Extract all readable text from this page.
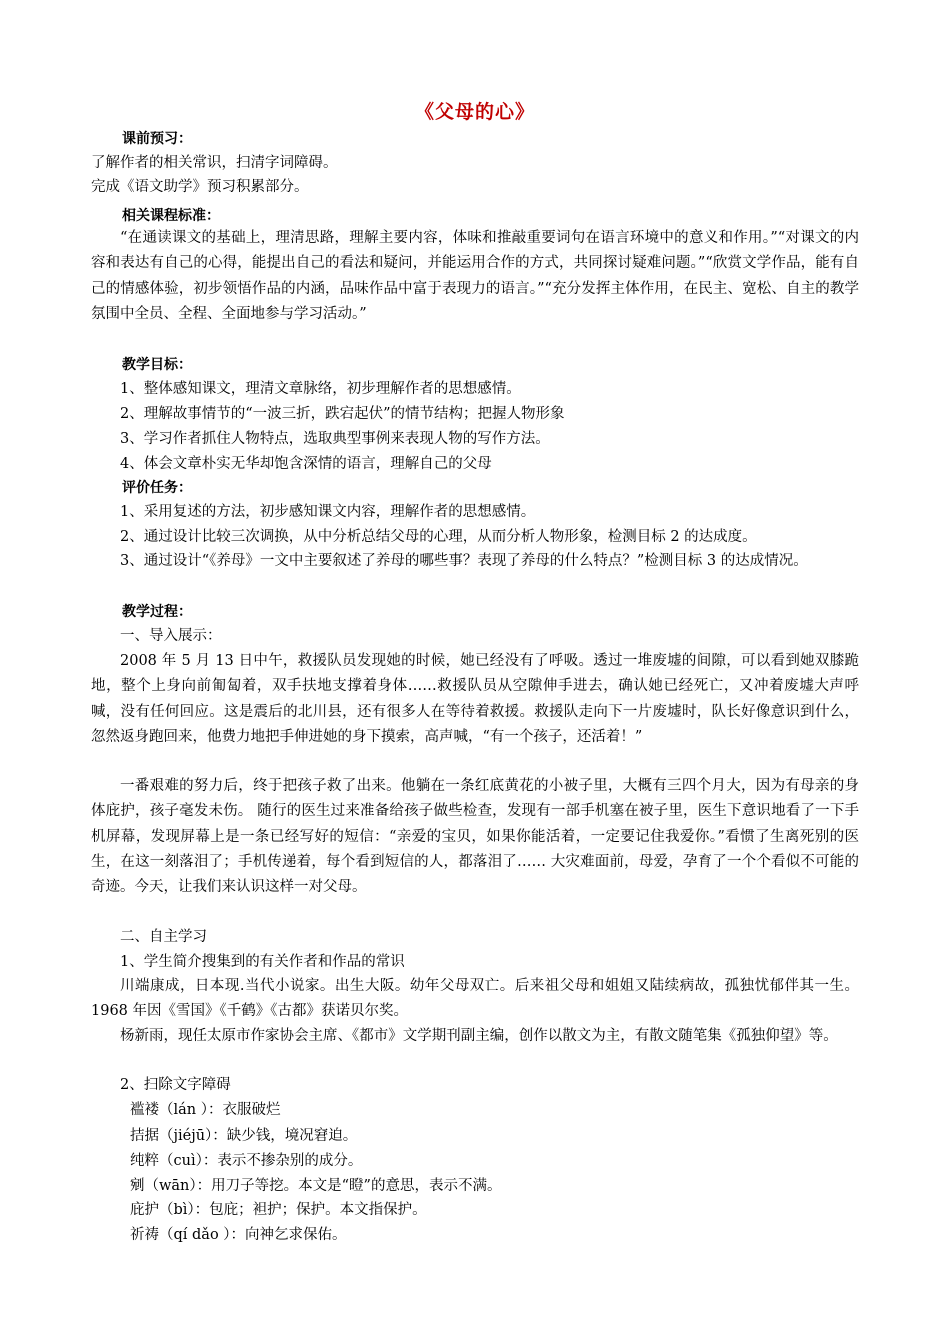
《父母的心》
课前预习：
了解作者的相关常识，扫清字词障碍。
完成《语文助学》预习积累部分。
相关课程标准：
“在通读课文的基础上，理清思路，理解主要内容，体味和推敲重要词句在语言环境中的意义和作用。”“对课文的内容和表达有自己的心得，能提出自己的看法和疑问，并能运用合作的方式，共同探讨疑难问题。”“欣赏文学作品，能有自己的情感体验，初步领悟作品的内涵，品味作品中富于表现力的语言。”“充分发挥主体作用，在民主、宽松、自主的教学氛围中全员、全程、全面地参与学习活动。”
教学目标：
1、整体感知课文，理清文章脉络，初步理解作者的思想感情。
2、理解故事情节的“一波三折，跌宕起伏”的情节结构；把握人物形象
3、学习作者抓住人物特点，选取典型事例来表现人物的写作方法。
4、体会文章朴实无华却饱含深情的语言，理解自己的父母
评价任务：
1、采用复述的方法，初步感知课文内容，理解作者的思想感情。
2、通过设计比较三次调换，从中分析总结父母的心理，从而分析人物形象，检测目标 2 的达成度。
3、通过设计“《养母》一文中主要叙述了养母的哪些事？表现了养母的什么特点？”检测目标 3 的达成情况。
教学过程：
一、导入展示：
2008 年 5 月 13 日中午，救援队员发现她的时候，她已经没有了呼吸。透过一堆废墟的间隙，可以看到她双膝跪地，整个上身向前匍匐着，双手扶地支撑着身体……救援队员从空隙伸手进去，确认她已经死亡，又冲着废墟大声呼喊，没有任何回应。这是震后的北川县，还有很多人在等待着救援。救援队走向下一片废墟时，队长好像意识到什么，忽然返身跑回来，他费力地把手伸进她的身下摸索，高声喊，“有一个孩子，还活着！”
一番艰难的努力后，终于把孩子救了出来。他躺在一条红底黄花的小被子里，大概有三四个月大，因为有母亲的身体庇护，孩子毫发未伤。 随行的医生过来准备给孩子做些检查，发现有一部手机塞在被子里，医生下意识地看了一下手机屏幕，发现屏幕上是一条已经写好的短信：“亲爱的宝贝，如果你能活着，一定要记住我爱你。”看惯了生离死别的医生，在这一刻落泪了；手机传递着，每个看到短信的人，都落泪了…… 大灾难面前，母爱，孕育了一个个看似不可能的奇迹。今天，让我们来认识这样一对父母。
二、自主学习
1、学生简介搜集到的有关作者和作品的常识
川端康成，日本现.当代小说家。出生大阪。幼年父母双亡。后来祖父母和姐姐又陆续病故，孤独忧郁伴其一生。 1968 年因《雪国》《千鹤》《古都》获诺贝尔奖。
杨新雨，现任太原市作家协会主席、《都市》文学期刊副主编，创作以散文为主，有散文随笔集《孤独仰望》等。
2、扫除文字障碍
褴褛（lán ）：衣服破烂
拮据（jiéjū）：缺少钱，境况窘迫。
纯粹（cuì）：表示不掺杂别的成分。
剜（wān）：用刀子等挖。本文是“瞪”的意思，表示不满。
庇护（bì）：包庇；袒护；保护。本文指保护。
祈祷（qí dǎo ）：向神乞求保佑。
